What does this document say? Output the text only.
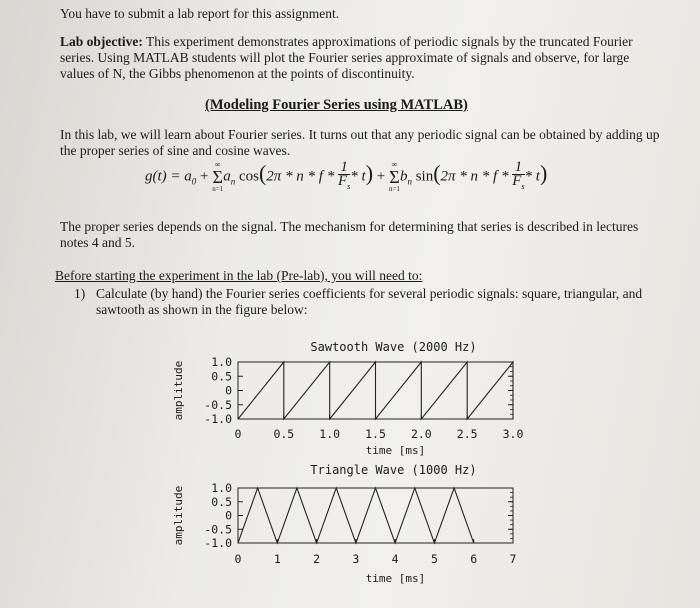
You have to submit a lab report for this assignment.
Lab objective: This experiment demonstrates approximations of periodic signals by the truncated Fourier series. Using MATLAB students will plot the Fourier series approximate of signals and observe, for large values of N, the Gibbs phenomenon at the points of discontinuity.
(Modeling Fourier Series using MATLAB)
In this lab, we will learn about Fourier series. It turns out that any periodic signal can be obtained by adding up the proper series of sine and cosine waves.
$g(t) = a_0$ +
∞
Σ
n=1
$a_n$ cos(2π * n * f * $\frac{1}{F_s} * t$) +
∞
Σ
n=1
$b_n$ sin(2π * n * f * $\frac{1}{F_s} * t$)
The proper series depends on the signal. The mechanism for determining that series is described in lectures notes 4 and 5.
Before starting the experiment in the lab (Pre-lab), you will need to:
1) Calculate (by hand) the Fourier series coefficients for several periodic signals: square, triangular, and sawtooth as shown in the figure below:
Sawtooth Wave (2000 Hz)
1.0
0.5
0
-0.5
-1.0
0	0.5 1.0 1.5 2.0 2.5 3.0
time [ms]
amplitude
Triangle Wave (1000 Hz)
1.0
0.5
0
-0.5
-1.0
0	1	2	3	4	5	6	7
time [ms]
amplitude
